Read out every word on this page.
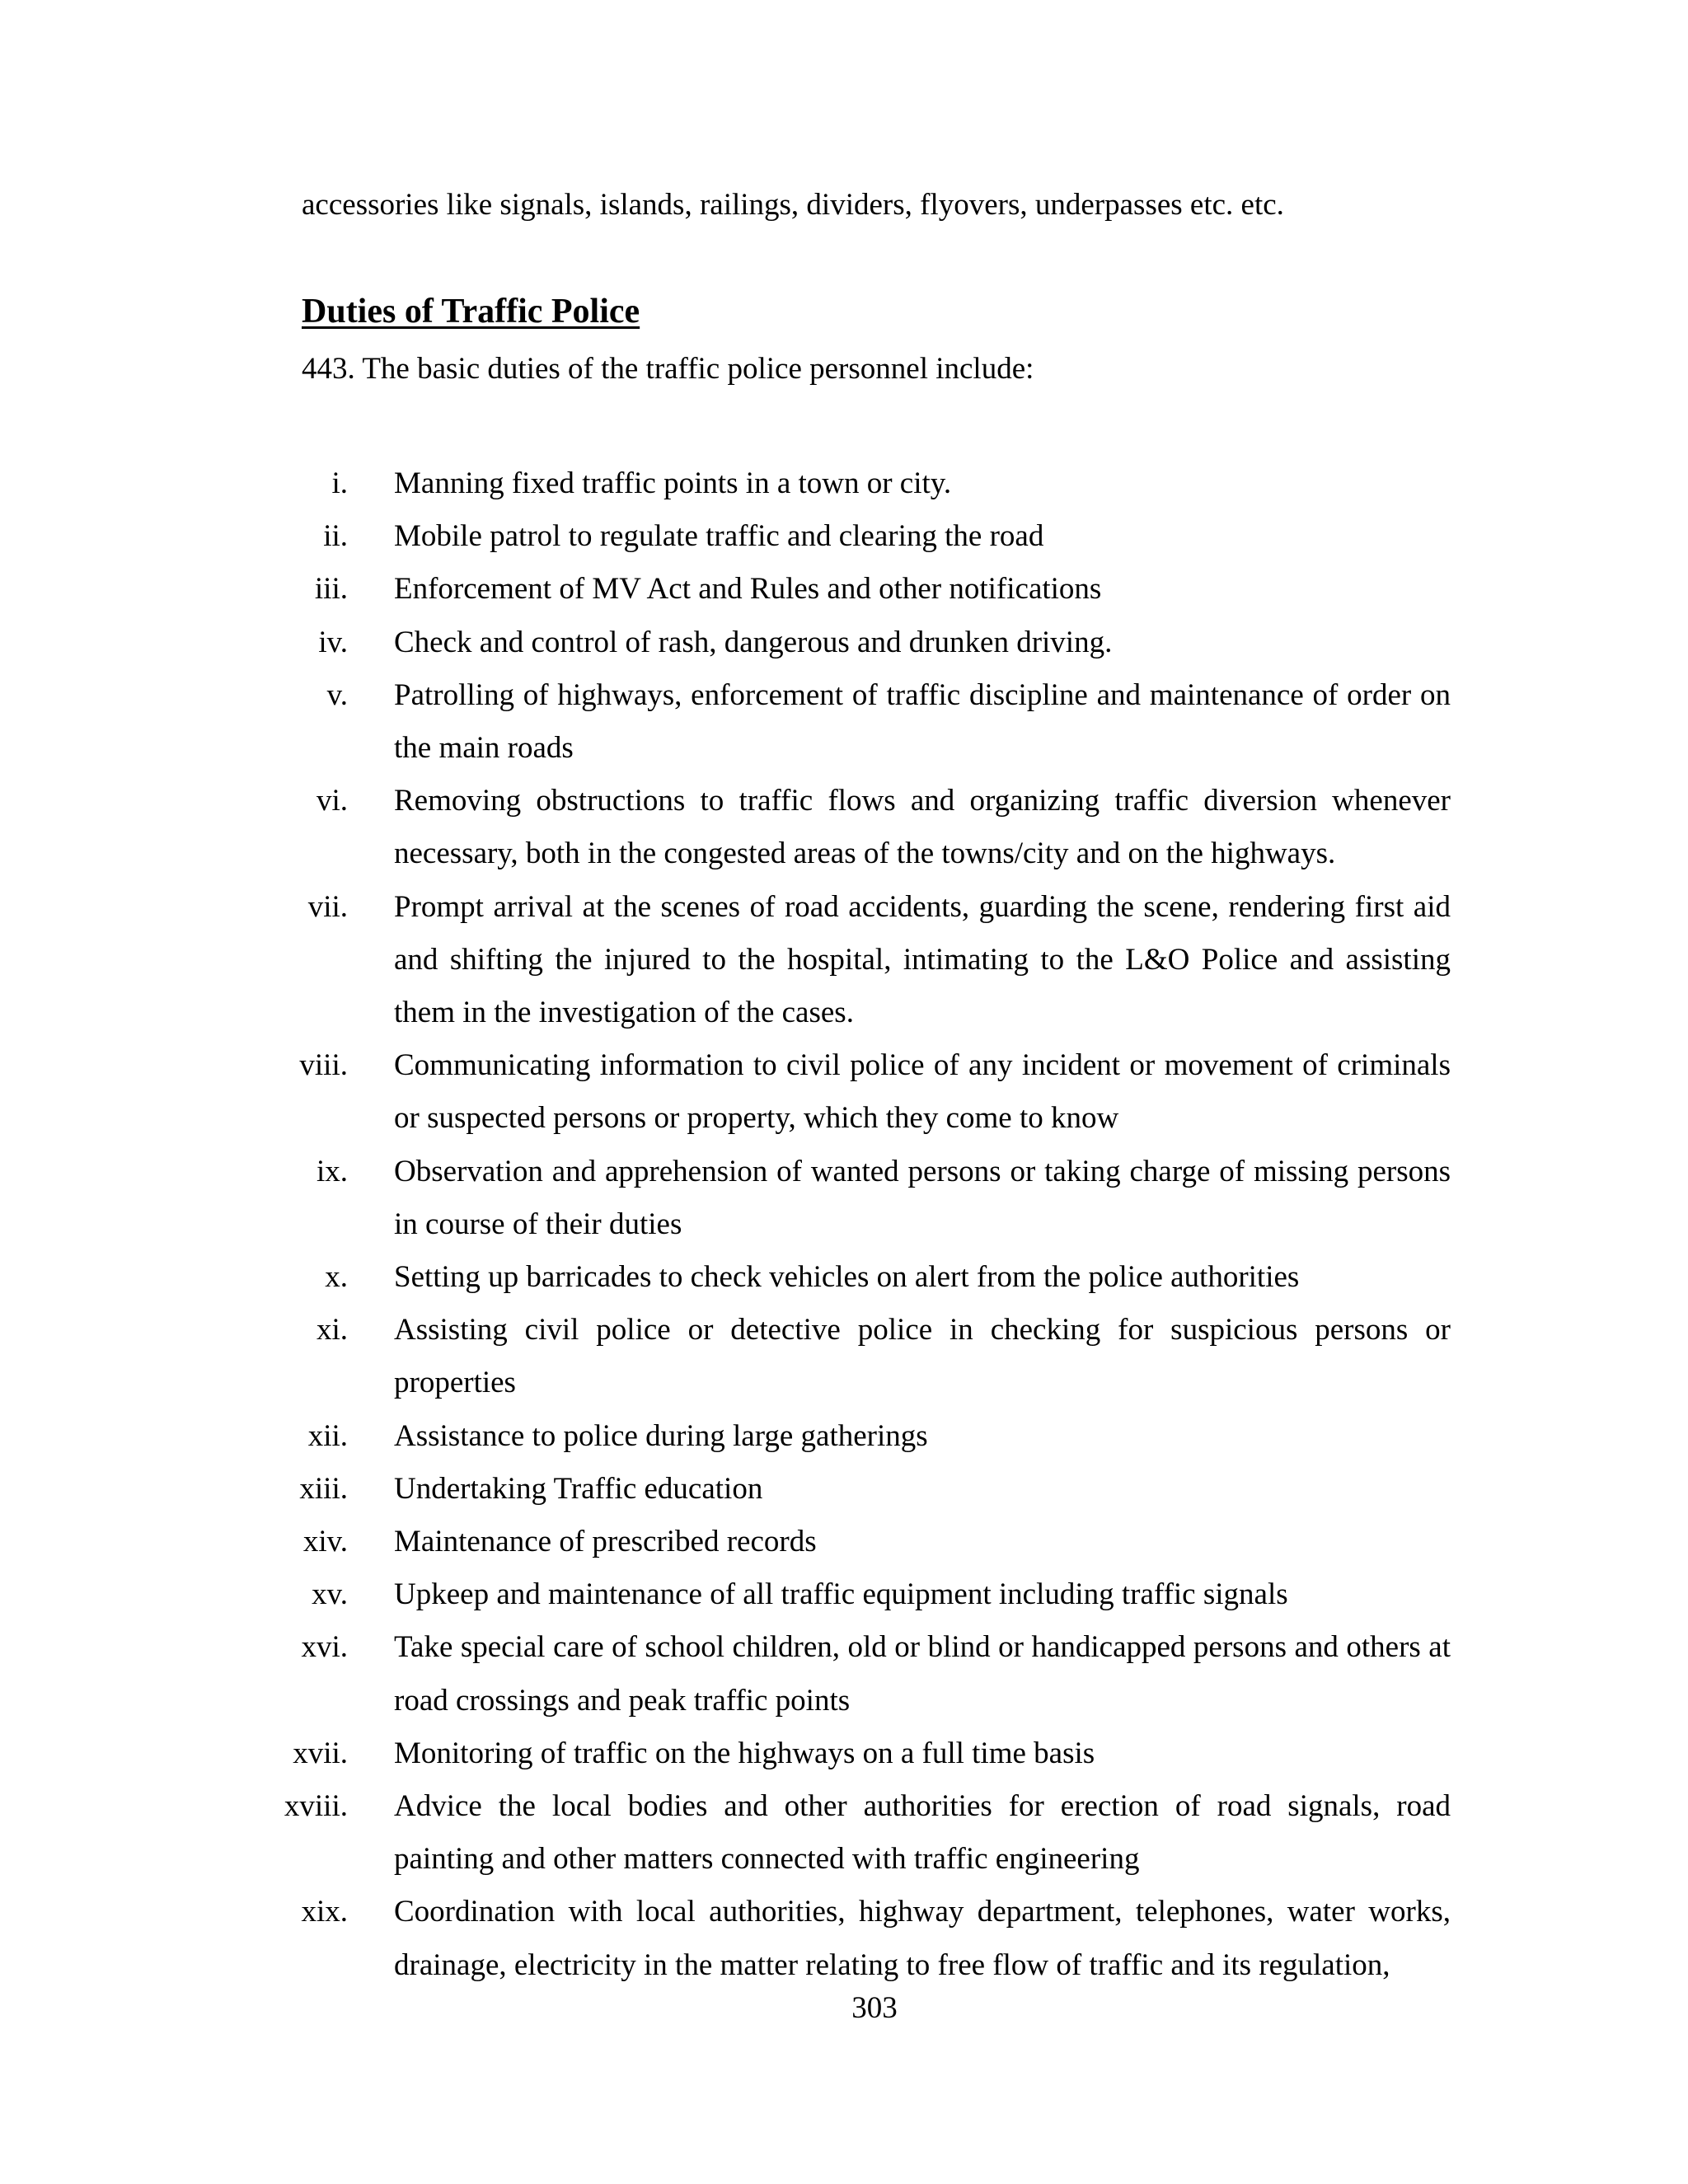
accessories like signals, islands, railings, dividers, flyovers, underpasses etc. etc.
Duties of Traffic Police
443. The basic duties of the traffic police personnel include:
i. Manning fixed traffic points in a town or city.
ii. Mobile patrol to regulate traffic and clearing the road
iii. Enforcement of MV Act and Rules and other notifications
iv. Check and control of rash, dangerous and drunken driving.
v. Patrolling of highways, enforcement of traffic discipline and maintenance of order on the main roads
vi. Removing obstructions to traffic flows and organizing traffic diversion whenever necessary, both in the congested areas of the towns/city and on the highways.
vii. Prompt arrival at the scenes of road accidents, guarding the scene, rendering first aid and shifting the injured to the hospital, intimating to the L&O Police and assisting them in the investigation of the cases.
viii. Communicating information to civil police of any incident or movement of criminals or suspected persons or property, which they come to know
ix. Observation and apprehension of wanted persons or taking charge of missing persons in course of their duties
x. Setting up barricades to check vehicles on alert from the police authorities
xi. Assisting civil police or detective police in checking for suspicious persons or properties
xii. Assistance to police during large gatherings
xiii. Undertaking Traffic education
xiv. Maintenance of prescribed records
xv. Upkeep and maintenance of all traffic equipment including traffic signals
xvi. Take special care of school children, old or blind or handicapped persons and others at road crossings and peak traffic points
xvii. Monitoring of traffic on the highways on a full time basis
xviii. Advice the local bodies and other authorities for erection of road signals, road painting and other matters connected with traffic engineering
xix. Coordination with local authorities, highway department, telephones, water works, drainage, electricity in the matter relating to free flow of traffic and its regulation,
303
